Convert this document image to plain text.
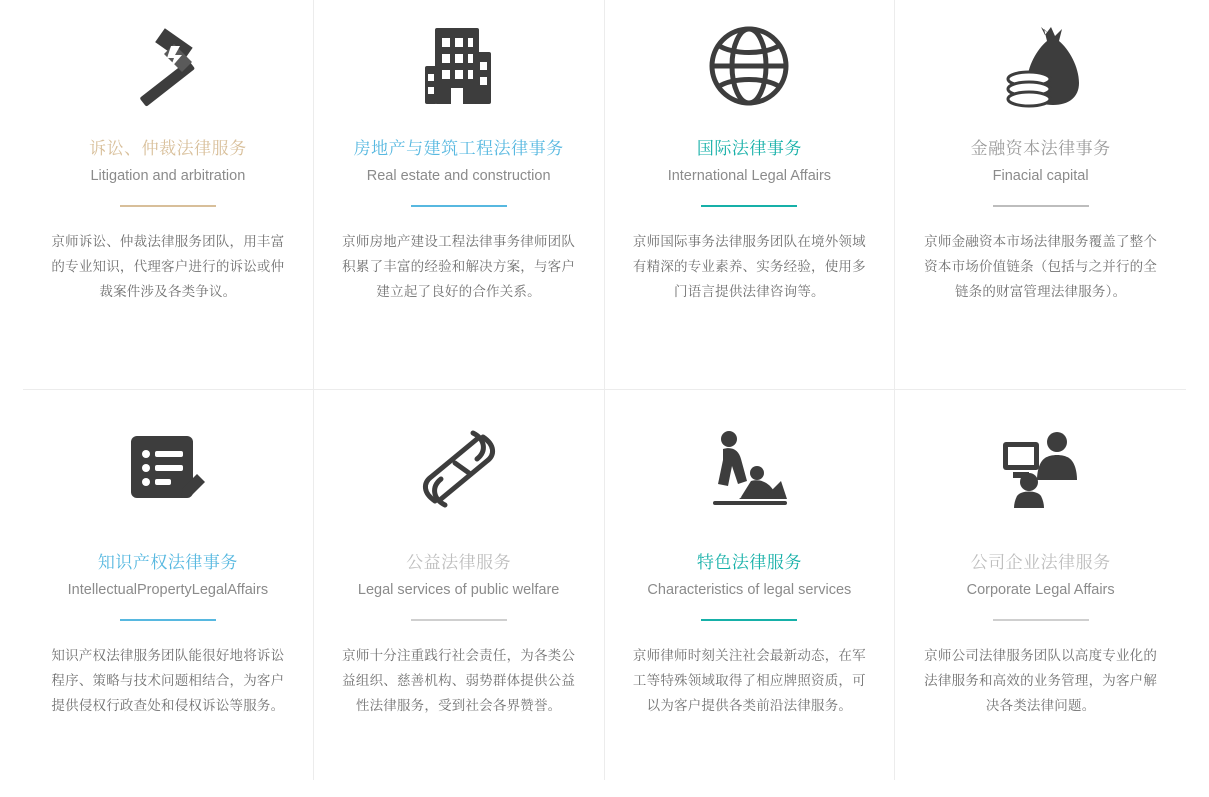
诉讼、仲裁法律服务
Litigation and arbitration
京师诉讼、仲裁法律服务团队，用丰富的专业知识，代理客户进行的诉讼或仲裁案件涉及各类争议。
房地产与建筑工程法律事务
Real estate and construction
京师房地产建设工程法律事务律师团队积累了丰富的经验和解决方案，与客户建立起了良好的合作关系。
国际法律事务
International Legal Affairs
京师国际事务法律服务团队在境外领域有精深的专业素养、实务经验，使用多门语言提供法律咨询等。
金融资本法律事务
Finacial capital
京师金融资本市场法律服务覆盖了整个资本市场价值链条（包括与之并行的全链条的财富管理法律服务）。
知识产权法律事务
IntellectualPropertyLegalAffairs
知识产权法律服务团队能很好地将诉讼程序、策略与技术问题相结合，为客户提供侵权行政查处和侵权诉讼等服务。
公益法律服务
Legal services of public welfare
京师十分注重践行社会责任，为各类公益组织、慈善机构、弱势群体提供公益性法律服务，受到社会各界赞誉。
特色法律服务
Characteristics of legal services
京师律师时刻关注社会最新动态，在军工等特殊领域取得了相应牌照资质，可以为客户提供各类前沿法律服务。
公司企业法律服务
Corporate Legal Affairs
京师公司法律服务团队以高度专业化的法律服务和高效的业务管理，为客户解决各类法律问题。
